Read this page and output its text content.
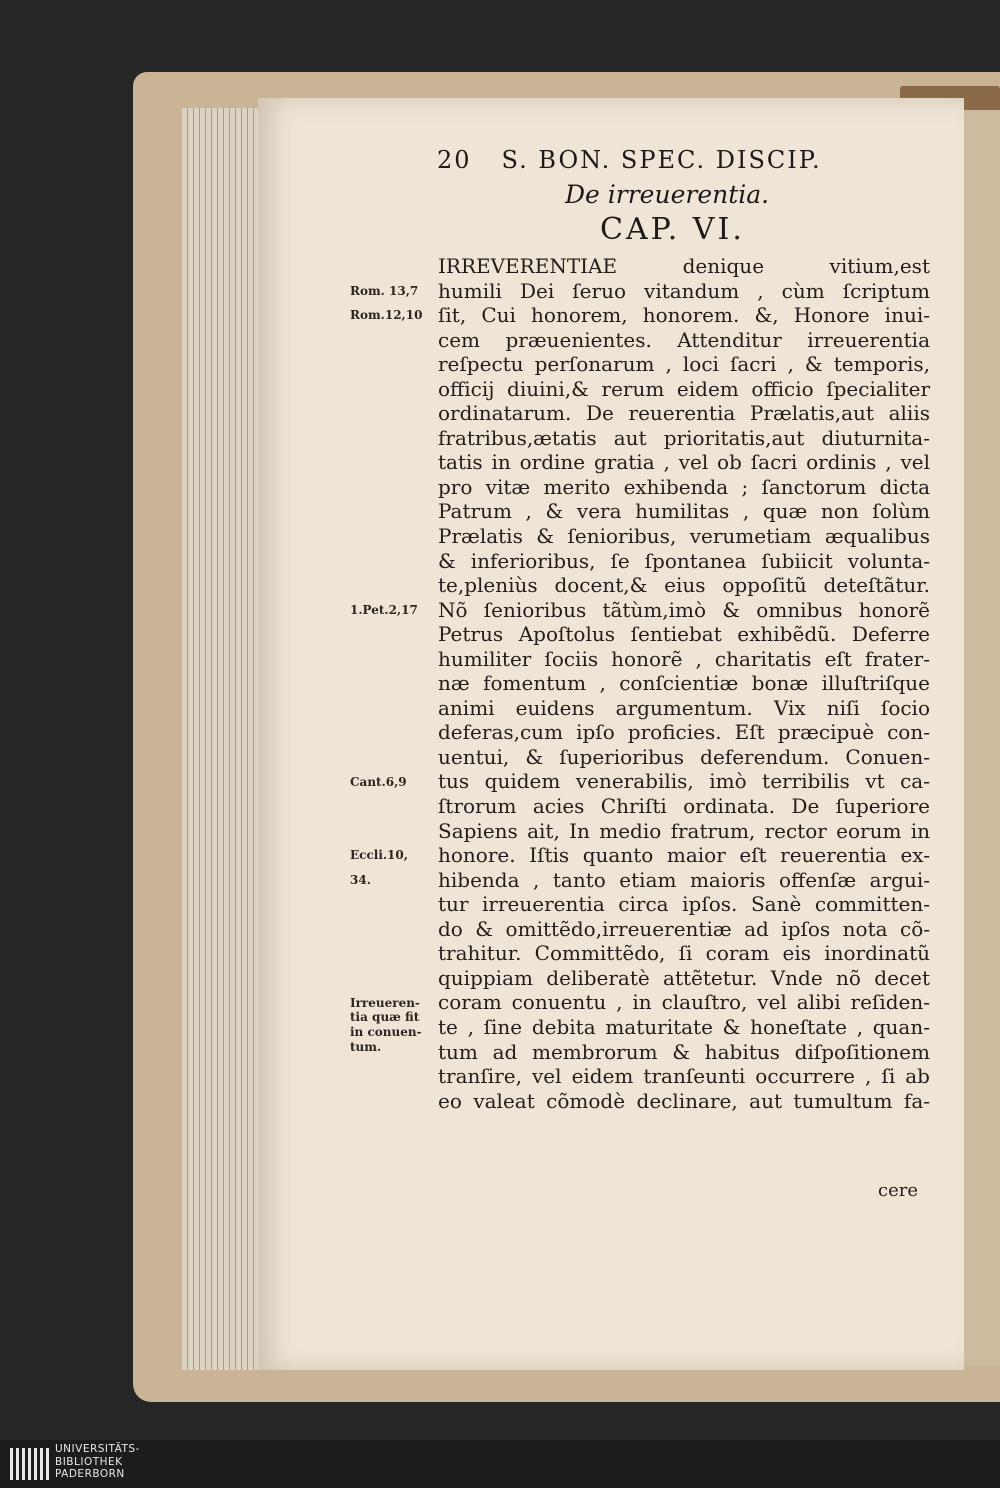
20 S. BON. SPEC. DISCIP.
De irreuerentia.
CAP. VI.
IRREVERENTIAE denique vitium,est
humili Dei ſeruo vitandum , cùm ſcriptum
ſit, Cui honorem, honorem. &, Honore inui-
cem præuenientes. Attenditur irreuerentia
reſpectu perſonarum , loci ſacri , & temporis,
officij diuini,& rerum eidem officio ſpecialiter
ordinatarum. De reuerentia Prælatis,aut aliis
fratribus,ætatis aut prioritatis,aut diuturnita-
tatis in ordine gratia , vel ob ſacri ordinis , vel
pro vitæ merito exhibenda ; ſanctorum dicta
Patrum , & vera humilitas , quæ non ſolùm
Prælatis & ſenioribus, verumetiam æqualibus
& inferioribus, ſe ſpontanea ſubiicit volunta-
te,pleniùs docent,& eius oppoſitũ deteſtãtur.
Nõ ſenioribus tãtùm,imò & omnibus honorẽ
Petrus Apoſtolus ſentiebat exhibẽdũ. Deferre
humiliter ſociis honorẽ , charitatis eſt frater-
næ fomentum , conſcientiæ bonæ illuſtriſque
animi euidens argumentum. Vix niſi ſocio
deferas,cum ipſo proficies. Eſt præcipuè con-
uentui, & ſuperioribus deferendum. Conuen-
tus quidem venerabilis, imò terribilis vt ca-
ſtrorum acies Chriſti ordinata. De ſuperiore
Sapiens ait, In medio fratrum, rector eorum in
honore. Iſtis quanto maior eſt reuerentia ex-
hibenda , tanto etiam maioris offenſæ argui-
tur irreuerentia circa ipſos. Sanè committen-
do & omittẽdo,irreuerentiæ ad ipſos nota cõ-
trahitur. Committẽdo, ſi coram eis inordinatũ
quippiam deliberatè attẽtetur. Vnde nõ decet
coram conuentu , in clauſtro, vel alibi reſiden-
te , ſine debita maturitate & honeſtate , quan-
tum ad membrorum & habitus diſpoſitionem
tranſire, vel eidem tranſeunti occurrere , ſi ab
eo valeat cõmodè declinare, aut tumultum fa-
Rom. 13,7
Rom.12,10
1.Pet.2,17
Cant.6,9
Eccli.10,
34.
Irreueren-
tia quæ fit
in conuen-
tum.
cere
UNIVERSITÄTS-
BIBLIOTHEK
PADERBORN
